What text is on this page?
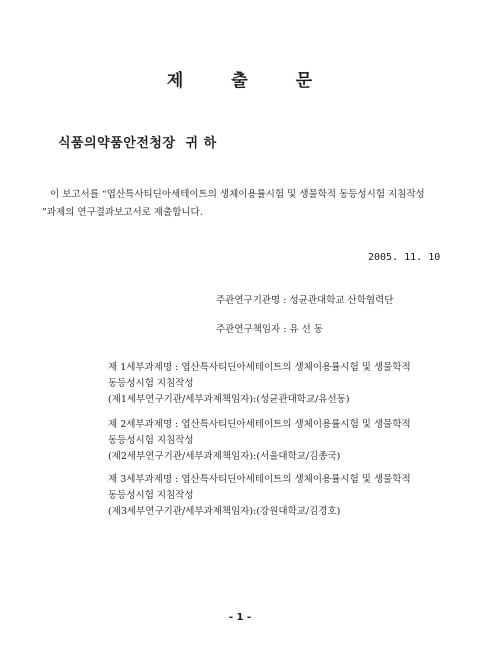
제	출	문
식품의약품안전청장 귀 하
이 보고서를 “엽산특사티딘아세테이트의 생체이용률시험 및 생물학적 동등성시험 지침작성
”과제의 연구결과보고서로 제출합니다.
2005. 11. 10
주관연구기관명 : 성균관대학교 산학협력단
주관연구책임자 : 유 선 동
제 1세부과제명 : 엽산특사티딘아세테이트의 생체이용률시험 및 생물학적
동등성시험 지침작성
(제1세부연구기관/세부과제책임자):(성균관대학교/유선동)
제 2세부과제명 : 엽산특사티딘아세테이트의 생체이용률시험 및 생물학적
동등성시험 지침작성
(제2세부연구기관/세부과제책임자):(서울대학교/김종국)
제 3세부과제명 : 엽산특사티딘아세테이트의 생체이용률시험 및 생물학적
동등성시험 지침작성
(제3세부연구기관/세부과제책임자):(강원대학교/김경호)
- 1 -
